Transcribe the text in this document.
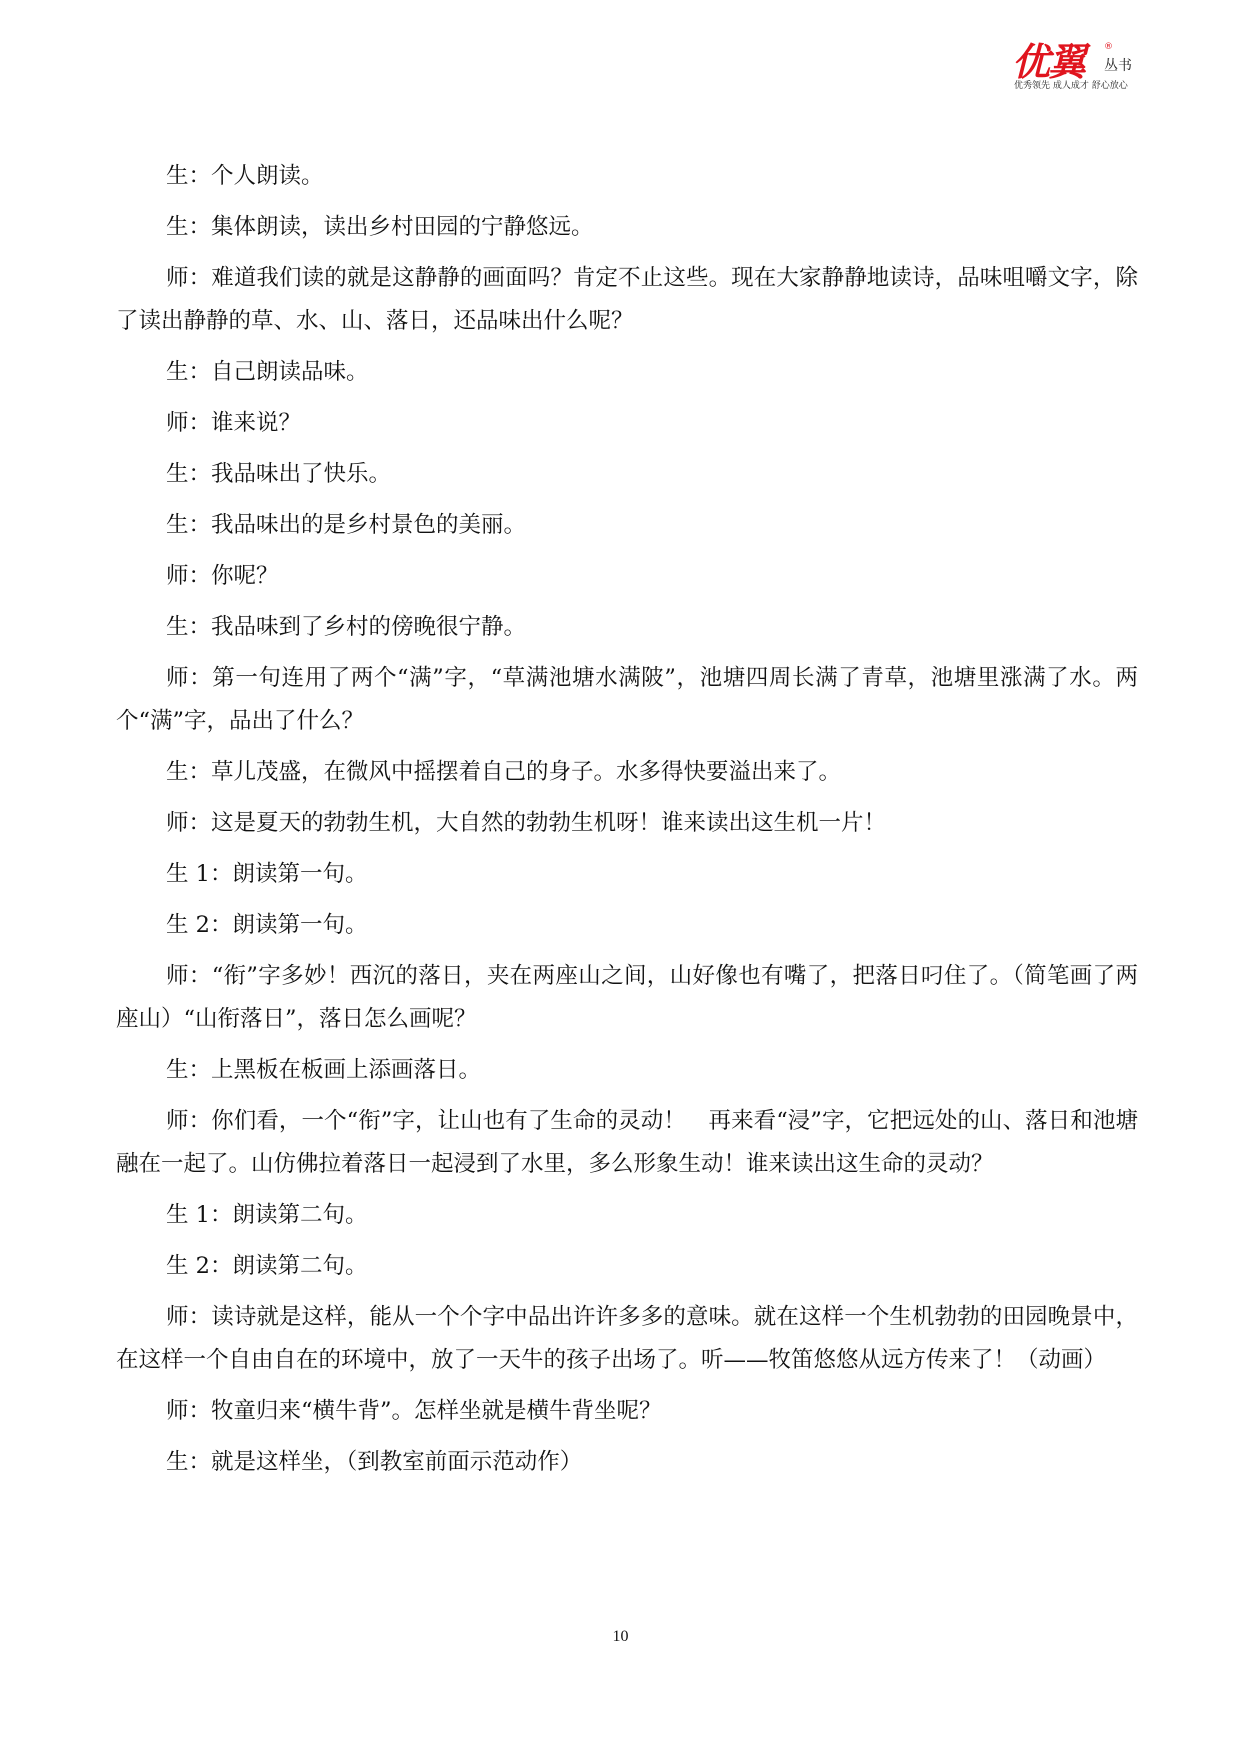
优翼 ®
丛书
优秀领先 成人成才 舒心放心

生：个人朗读。

生：集体朗读，读出乡村田园的宁静悠远。

师：难道我们读的就是这静静的画面吗？肯定不止这些。现在大家静静地读诗，品味咀嚼文字，除了读出静静的草、水、山、落日，还品味出什么呢？

生：自己朗读品味。

师：谁来说？

生：我品味出了快乐。

生：我品味出的是乡村景色的美丽。

师：你呢？

生：我品味到了乡村的傍晚很宁静。

师：第一句连用了两个“满”字，“草满池塘水满陂”，池塘四周长满了青草，池塘里涨满了水。两个“满”字，品出了什么？

生：草儿茂盛，在微风中摇摆着自己的身子。水多得快要溢出来了。

师：这是夏天的勃勃生机，大自然的勃勃生机呀！谁来读出这生机一片！

生 1：朗读第一句。

生 2：朗读第一句。

师：“衔”字多妙！西沉的落日，夹在两座山之间，山好像也有嘴了，把落日叼住了。（简笔画了两座山）“山衔落日”，落日怎么画呢？

生：上黑板在板画上添画落日。

师：你们看，一个“衔”字，让山也有了生命的灵动！　再来看“浸”字，它把远处的山、落日和池塘融在一起了。山仿佛拉着落日一起浸到了水里，多么形象生动！谁来读出这生命的灵动？

生 1：朗读第二句。

生 2：朗读第二句。

师：读诗就是这样，能从一个个字中品出许许多多的意味。就在这样一个生机勃勃的田园晚景中，在这样一个自由自在的环境中，放了一天牛的孩子出场了。听——牧笛悠悠从远方传来了！（动画）

师：牧童归来“横牛背”。怎样坐就是横牛背坐呢？

生：就是这样坐，（到教室前面示范动作）

10
